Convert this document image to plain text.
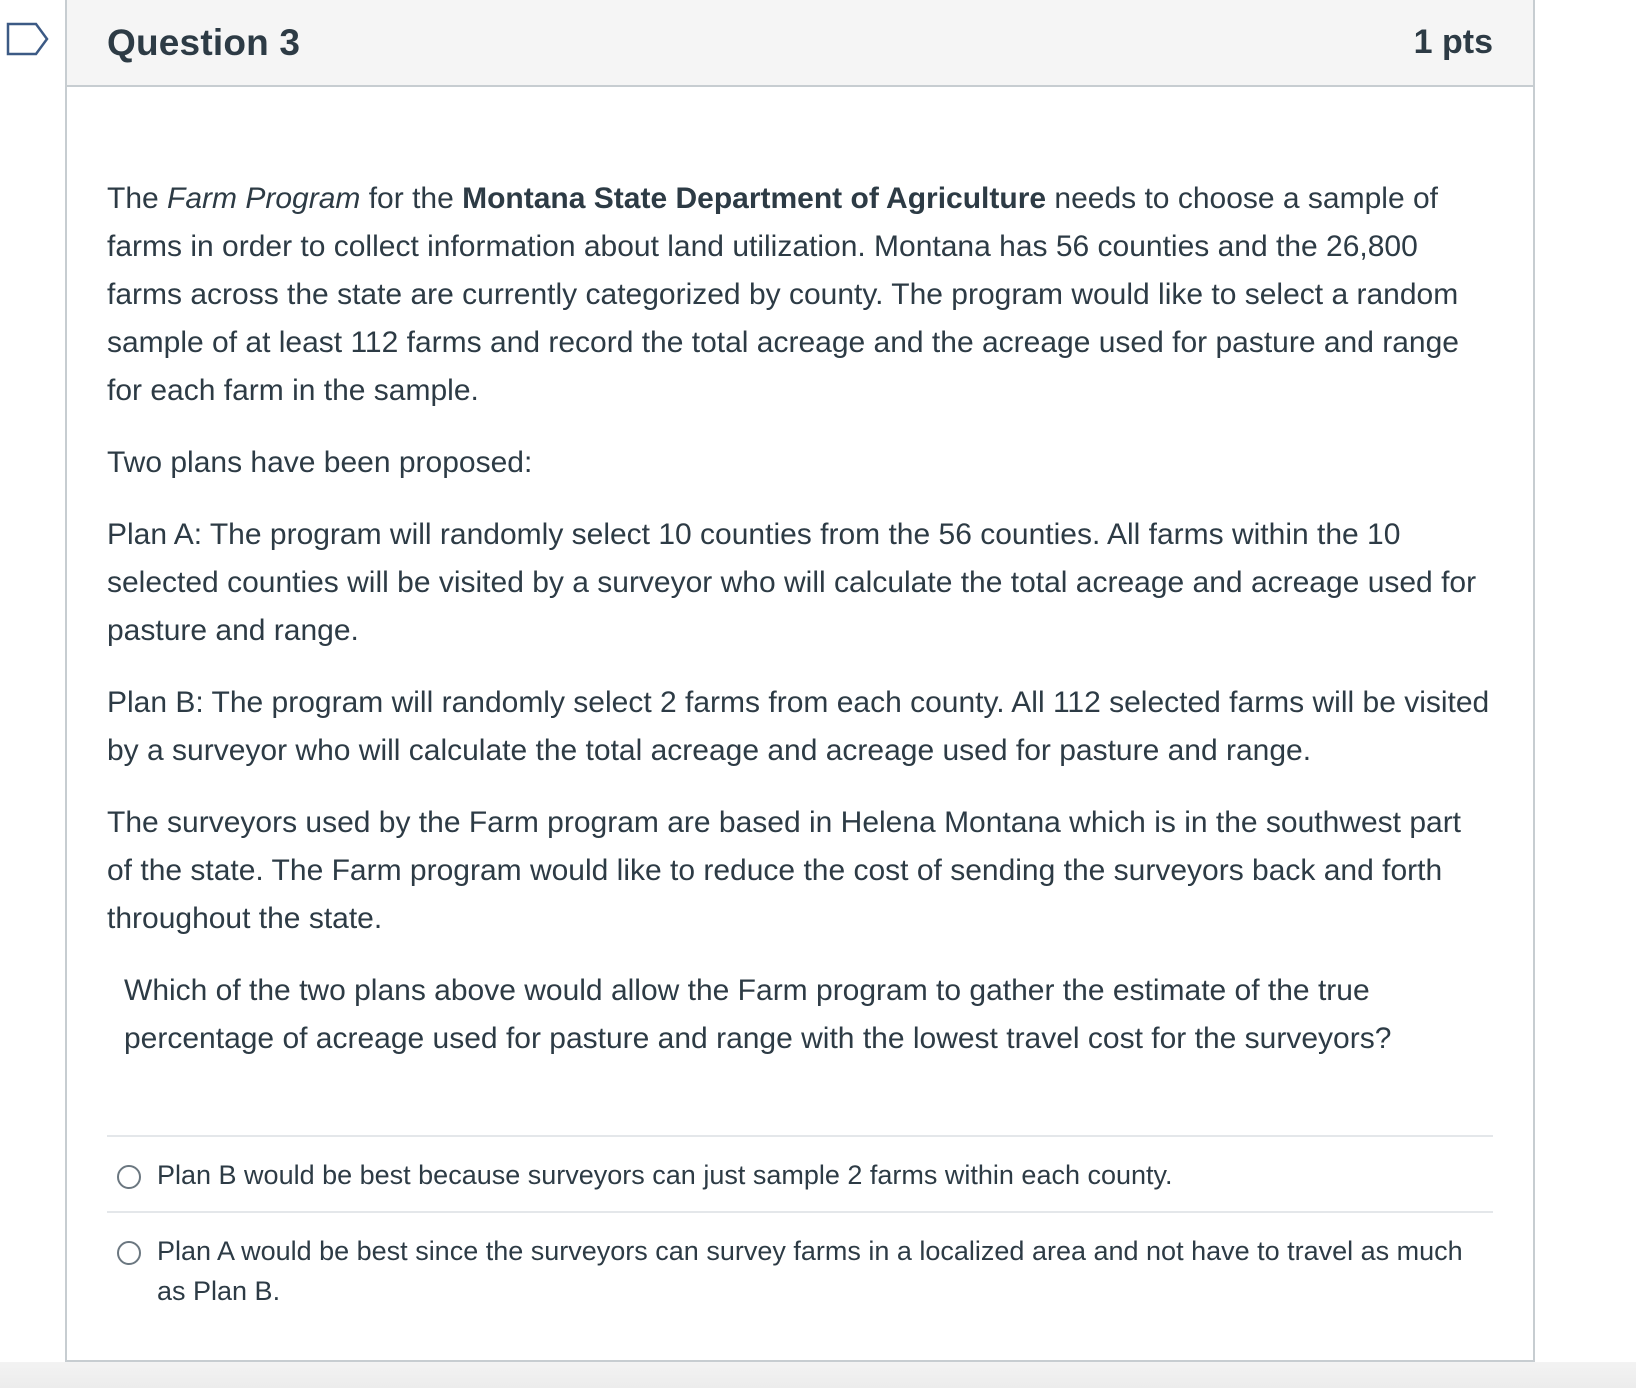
Question 3	1 pts

The Farm Program for the Montana State Department of Agriculture needs to choose a sample of farms in order to collect information about land utilization. Montana has 56 counties and the 26,800 farms across the state are currently categorized by county. The program would like to select a random sample of at least 112 farms and record the total acreage and the acreage used for pasture and range for each farm in the sample.

Two plans have been proposed:

Plan A: The program will randomly select 10 counties from the 56 counties. All farms within the 10 selected counties will be visited by a surveyor who will calculate the total acreage and acreage used for pasture and range.

Plan B: The program will randomly select 2 farms from each county. All 112 selected farms will be visited by a surveyor who will calculate the total acreage and acreage used for pasture and range.

The surveyors used by the Farm program are based in Helena Montana which is in the southwest part of the state. The Farm program would like to reduce the cost of sending the surveyors back and forth throughout the state.

Which of the two plans above would allow the Farm program to gather the estimate of the true percentage of acreage used for pasture and range with the lowest travel cost for the surveyors?

Plan B would be best because surveyors can just sample 2 farms within each county.
Plan A would be best since the surveyors can survey farms in a localized area and not have to travel as much as Plan B.
